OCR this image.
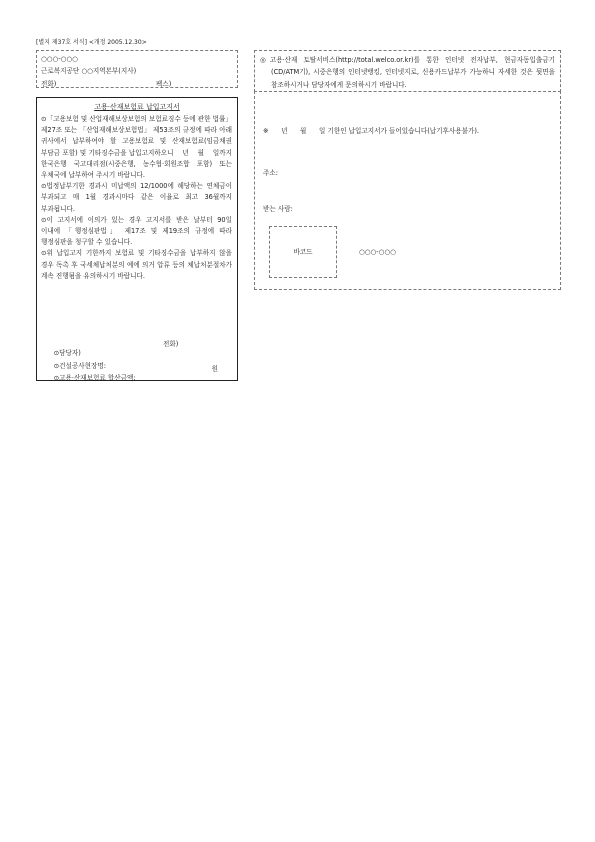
[별지 제37호 서식] <개정 2005.12.30>
○○○-○○○
근로복지공단 ○○지역본부(지사)
전화)	팩스)
고용·산재보험료 납입고지서

⊙「고용보험 및 산업재해보상보험의 보험료징수 등에 관한 법률」 제27조 또는 「산업재해보상보험법」 제53조의 규정에 따라 아래 귀사에서 납부하여야 할 고용보험료 및 산재보험료(임금채권 부담금 포함) 및 기타징수금을 납입고지하오니    년    월    일까지 한국은행 국고대리점(시중은행, 농수협·회원조합 포함) 또는 우체국에 납부하여 주시기 바랍니다.

⊙법정납부기한 경과시 미납액의 12/1000에 해당하는 연체금이 부과되고 매 1월 경과시마다 같은 이율로 최고 36월까지 부과됩니다.

⊙이 고지서에 이의가 있는 경우 고지서를 받은 날부터 90일 이내에 「행정심판법」 제17조 및 제19조의 규정에 따라 행정심판을 청구할 수 있습니다.

⊙위 납입고지 기한까지 보험료 및 기타징수금을 납부하지 않을 경우 독촉 후 국세체납처분의 예에 의거 압류 등의 체납처분절차가 계속 진행됨을 유의하시기 바랍니다.

⊙담당자)

전화)

⊙건설공사현장명:

⊙고용·산재보험료 합산금액:

원

◎고용·산재 토탈서비스(http://total.welco.or.kr)를 통한 인터넷 전자납부, 현금자동입출금기(CD/ATM기), 시중은행의 인터넷뱅킹, 인터넷지로, 신용카드납부가 가능하니 자세한 것은 뒷면을 참조하시거나 담당자에게 문의하시기 바랍니다.

※      년      월      일 기한인 납입고지서가 들어있습니다(납기후사용불가).
주소:
받는 사람:
바코드	○○○-○○○
